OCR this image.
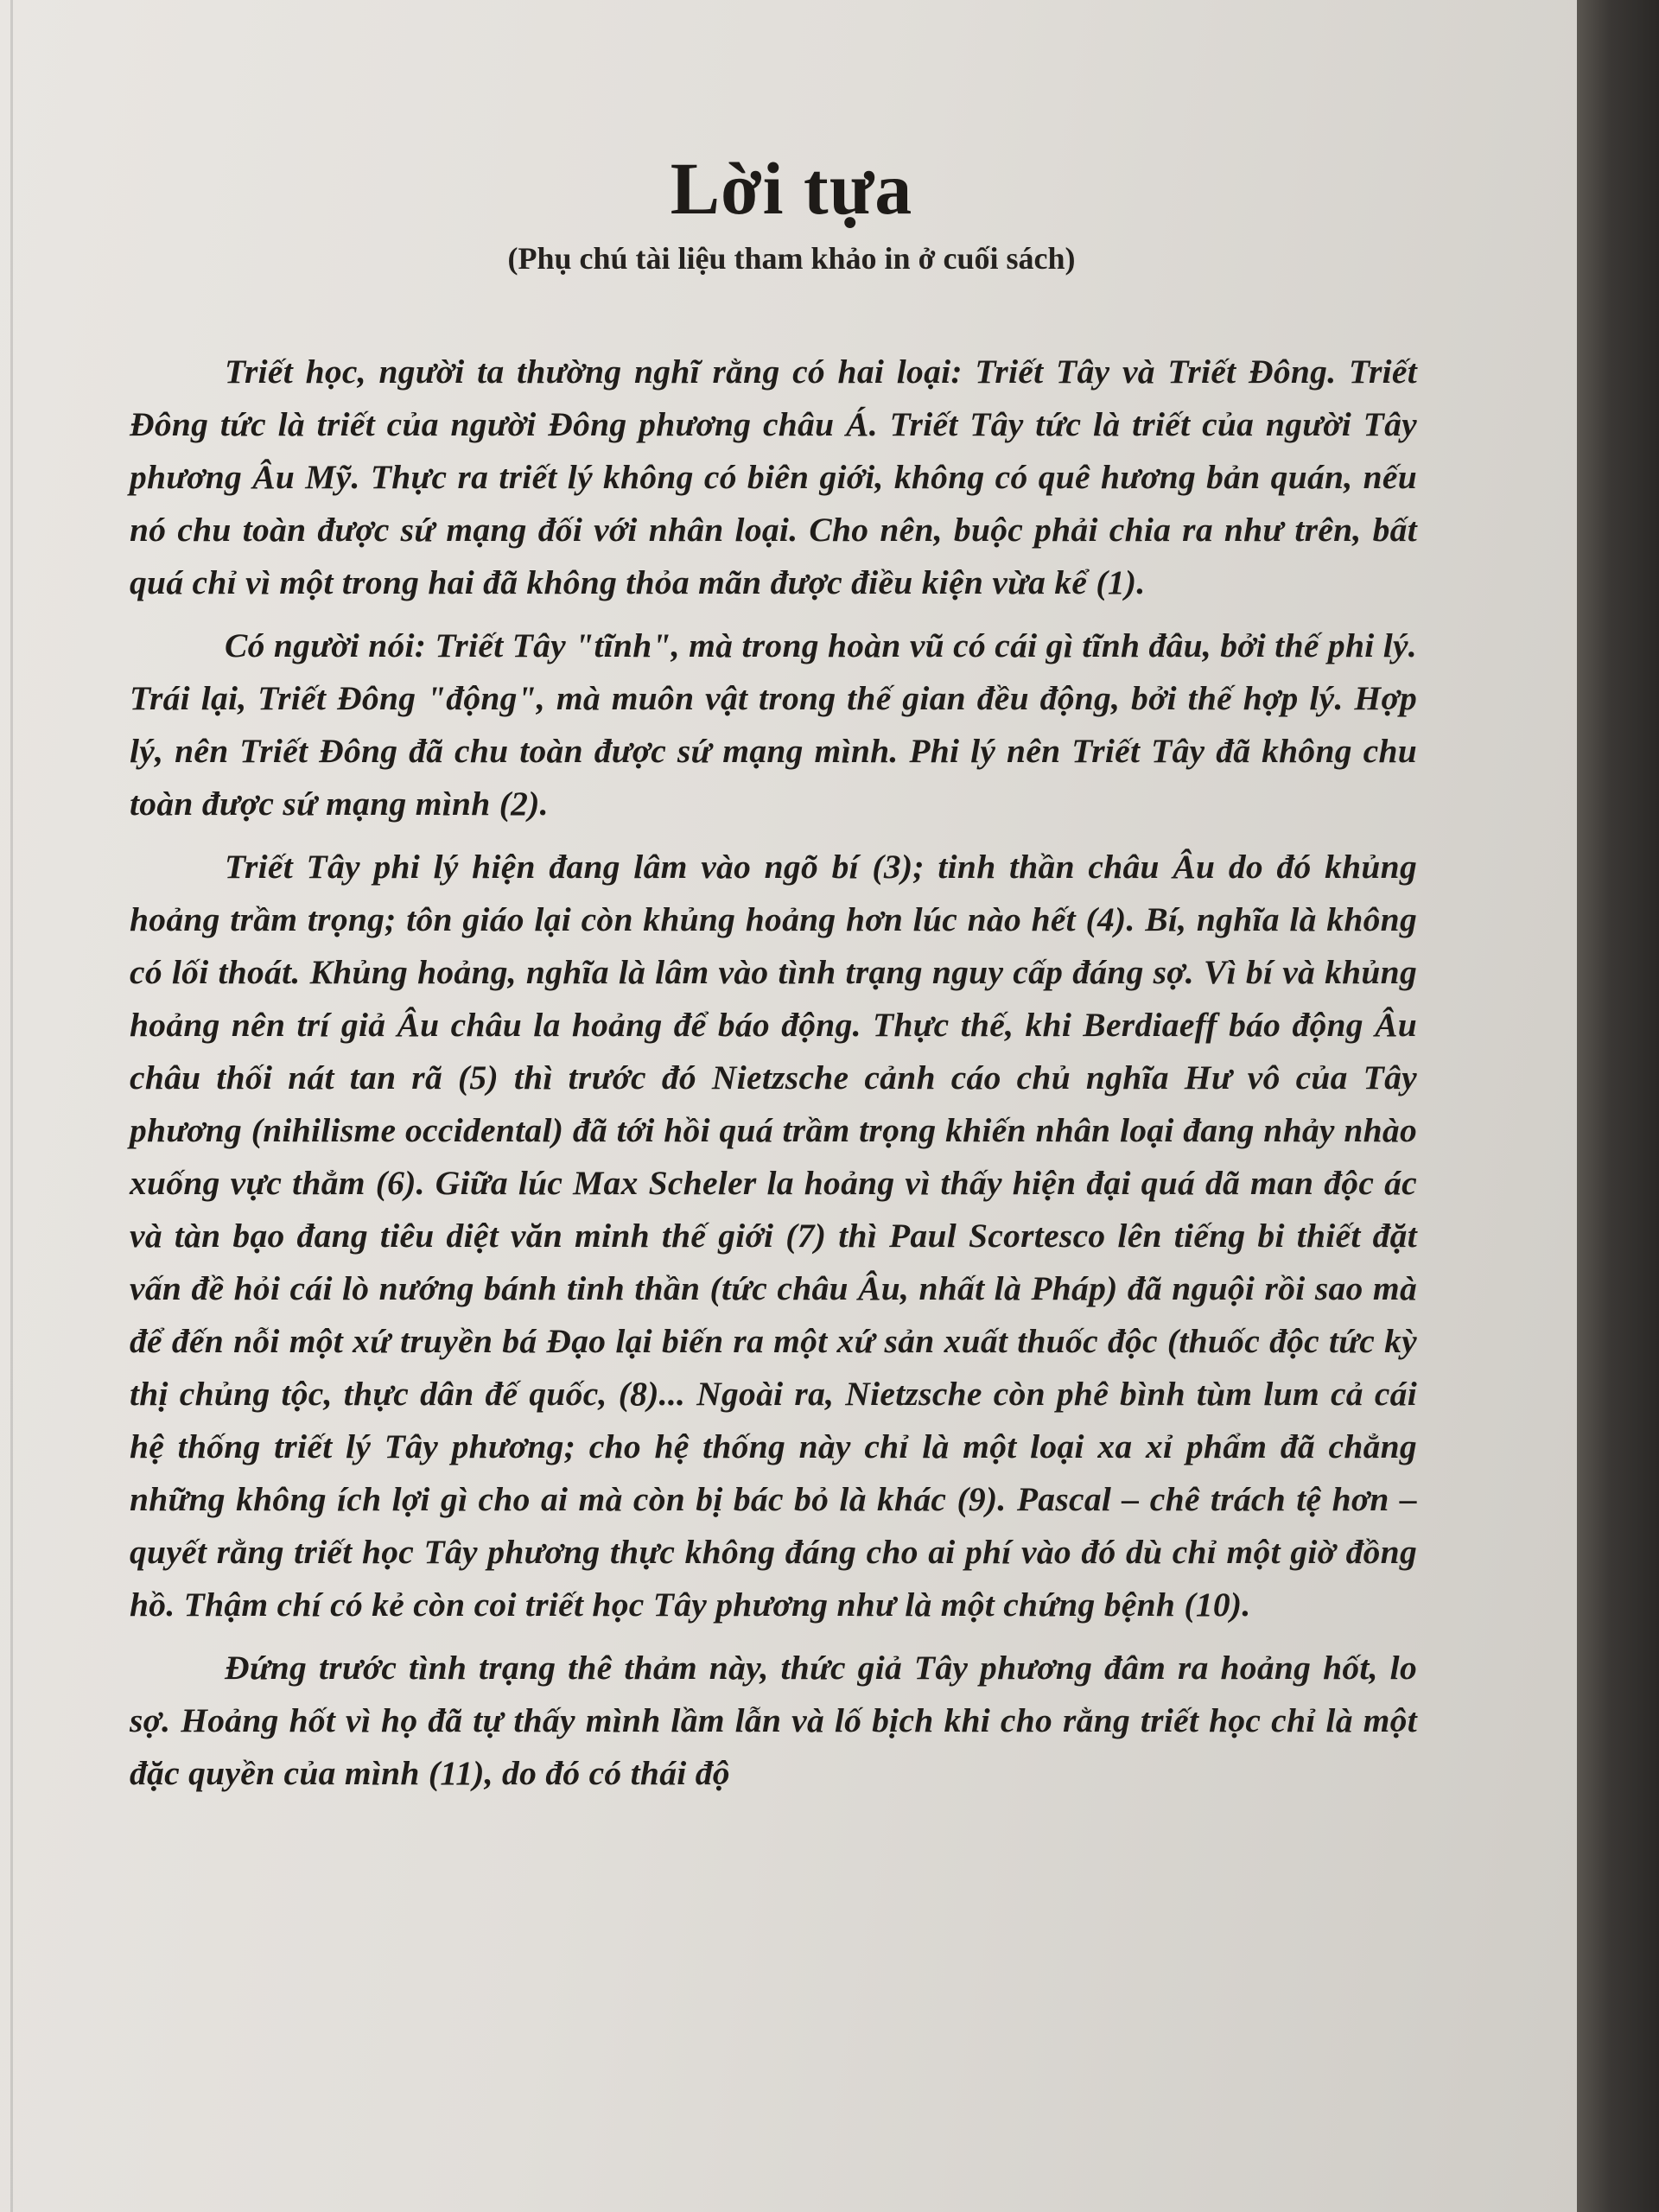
Lời tựa
(Phụ chú tài liệu tham khảo in ở cuối sách)

Triết học, người ta thường nghĩ rằng có hai loại: Triết Tây và Triết Đông. Triết Đông tức là triết của người Đông phương châu Á. Triết Tây tức là triết của người Tây phương Âu Mỹ. Thực ra triết lý không có biên giới, không có quê hương bản quán, nếu nó chu toàn được sứ mạng đối với nhân loại. Cho nên, buộc phải chia ra như trên, bất quá chỉ vì một trong hai đã không thỏa mãn được điều kiện vừa kể (1).

Có người nói: Triết Tây "tĩnh", mà trong hoàn vũ có cái gì tĩnh đâu, bởi thế phi lý. Trái lại, Triết Đông "động", mà muôn vật trong thế gian đều động, bởi thế hợp lý. Hợp lý, nên Triết Đông đã chu toàn được sứ mạng mình. Phi lý nên Triết Tây đã không chu toàn được sứ mạng mình (2).

Triết Tây phi lý hiện đang lâm vào ngõ bí (3); tinh thần châu Âu do đó khủng hoảng trầm trọng; tôn giáo lại còn khủng hoảng hơn lúc nào hết (4). Bí, nghĩa là không có lối thoát. Khủng hoảng, nghĩa là lâm vào tình trạng nguy cấp đáng sợ. Vì bí và khủng hoảng nên trí giả Âu châu la hoảng để báo động. Thực thế, khi Berdiaeff báo động Âu châu thối nát tan rã (5) thì trước đó Nietzsche cảnh cáo chủ nghĩa Hư vô của Tây phương (nihilisme occidental) đã tới hồi quá trầm trọng khiến nhân loại đang nhảy nhào xuống vực thẳm (6). Giữa lúc Max Scheler la hoảng vì thấy hiện đại quá dã man độc ác và tàn bạo đang tiêu diệt văn minh thế giới (7) thì Paul Scortesco lên tiếng bi thiết đặt vấn đề hỏi cái lò nướng bánh tinh thần (tức châu Âu, nhất là Pháp) đã nguội rồi sao mà để đến nỗi một xứ truyền bá Đạo lại biến ra một xứ sản xuất thuốc độc (thuốc độc tức kỳ thị chủng tộc, thực dân đế quốc, (8)... Ngoài ra, Nietzsche còn phê bình tùm lum cả cái hệ thống triết lý Tây phương; cho hệ thống này chỉ là một loại xa xỉ phẩm đã chẳng những không ích lợi gì cho ai mà còn bị bác bỏ là khác (9). Pascal – chê trách tệ hơn – quyết rằng triết học Tây phương thực không đáng cho ai phí vào đó dù chỉ một giờ đồng hồ. Thậm chí có kẻ còn coi triết học Tây phương như là một chứng bệnh (10).

Đứng trước tình trạng thê thảm này, thức giả Tây phương đâm ra hoảng hốt, lo sợ. Hoảng hốt vì họ đã tự thấy mình lầm lẫn và lố bịch khi cho rằng triết học chỉ là một đặc quyền của mình (11), do đó có thái độ
